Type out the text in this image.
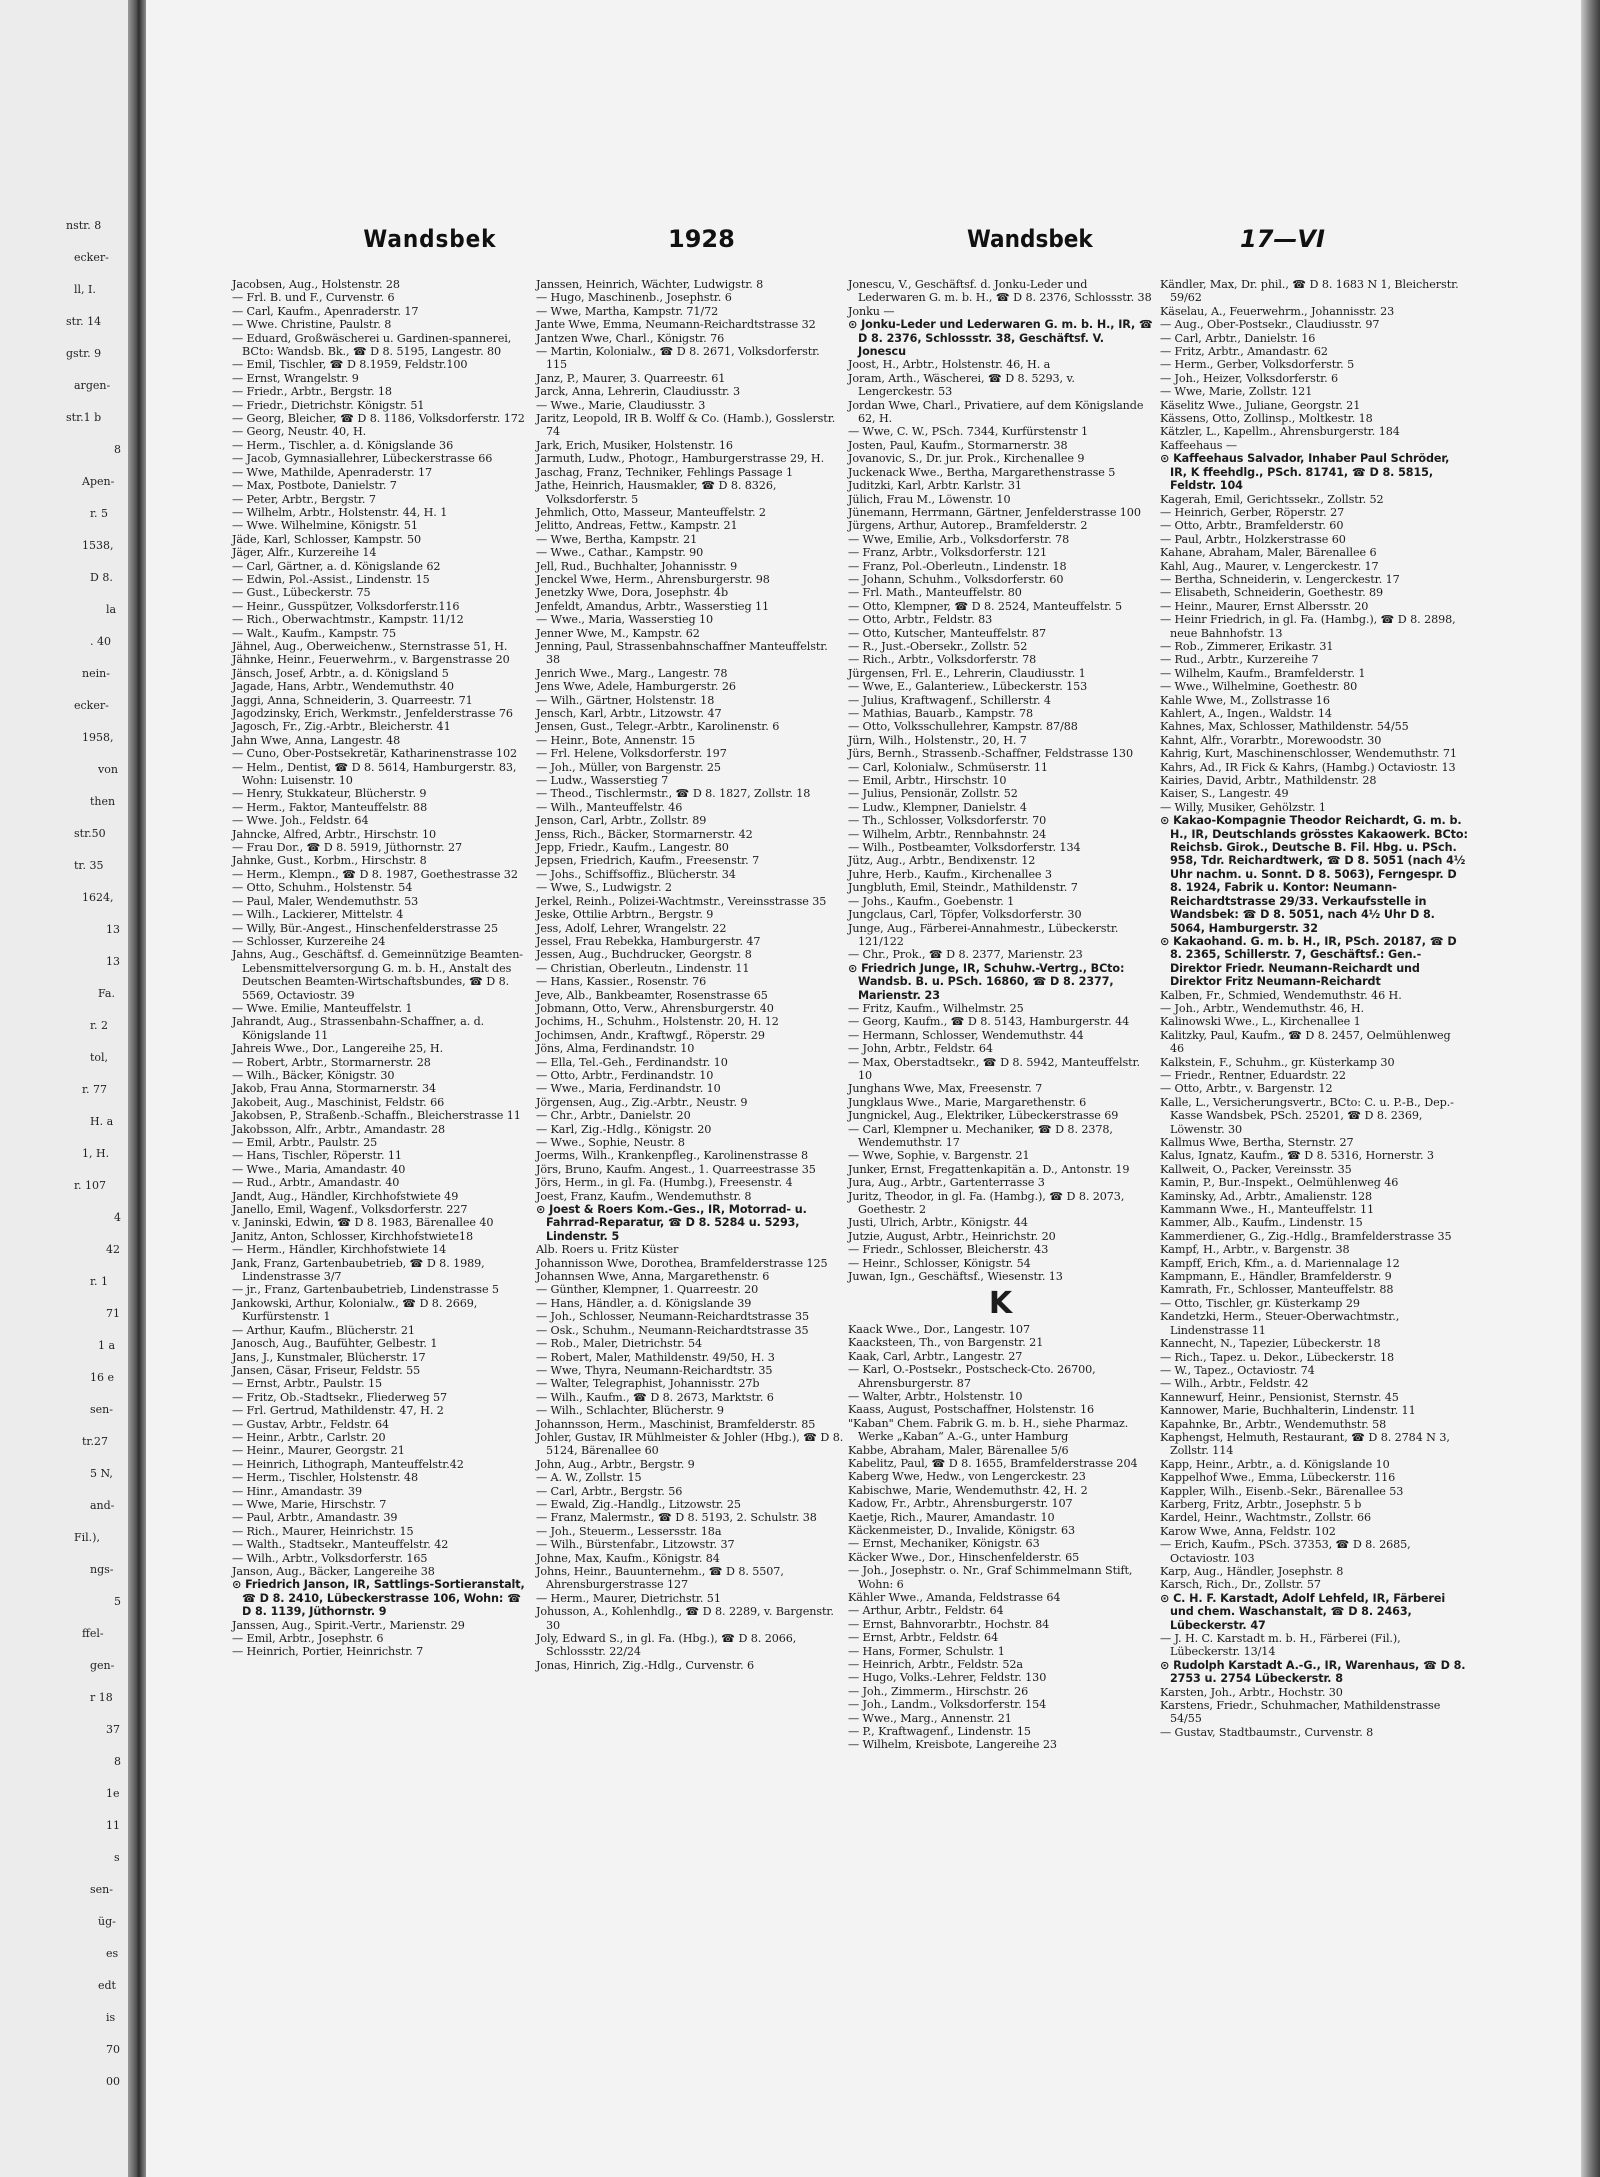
nstr. 8
ecker-
ll, I.
str. 14
gstr. 9
argen-
str.1 b
8
Apen-
r. 5
1538,
D 8.
la
. 40
nein-
ecker-
1958,
von
then
str.50
tr. 35
1624,
13
13
Fa.
r. 2
tol,
r. 77
H. a
1, H.
r. 107
4
42
r. 1
71
1 a
16 e
sen-
tr.27
5 N,
and-
Fil.),
ngs-
5
ffel-
gen-
r 18
37
8
1e
11
s
sen-
üg-
es
edt
is
70
00
Wandsbek	1928	Wandsbek	17—VI

Jacobsen, Aug., Holstenstr. 28

— Frl. B. und F., Curvenstr. 6

— Carl, Kaufm., Apenraderstr. 17

— Wwe. Christine, Paulstr. 8

— Eduard, Großwäscherei u. Gardinen-spannerei, BCto: Wandsb. Bk., ☎ D 8. 5195, Langestr. 80

— Emil, Tischler, ☎ D 8.1959, Feldstr.100

— Ernst, Wrangelstr. 9

— Friedr., Arbtr., Bergstr. 18

— Friedr., Dietrichstr. Königstr. 51

— Georg, Bleicher, ☎ D 8. 1186, Volksdorferstr. 172

— Georg, Neustr. 40, H.

— Herm., Tischler, a. d. Königslande 36

— Jacob, Gymnasiallehrer, Lübeckerstrasse 66

— Wwe, Mathilde, Apenraderstr. 17

— Max, Postbote, Danielstr. 7

— Peter, Arbtr., Bergstr. 7

— Wilhelm, Arbtr., Holstenstr. 44, H. 1

— Wwe. Wilhelmine, Königstr. 51

Jäde, Karl, Schlosser, Kampstr. 50

Jäger, Alfr., Kurzereihe 14

— Carl, Gärtner, a. d. Königslande 62

— Edwin, Pol.-Assist., Lindenstr. 15

— Gust., Lübeckerstr. 75

— Heinr., Gusspützer, Volksdorferstr.116

— Rich., Oberwachtmstr., Kampstr. 11/12

— Walt., Kaufm., Kampstr. 75

Jähnel, Aug., Oberweichenw., Sternstrasse 51, H.

Jähnke, Heinr., Feuerwehrm., v. Bargenstrasse 20

Jänsch, Josef, Arbtr., a. d. Königsland 5

Jagade, Hans, Arbtr., Wendemuthstr. 40

Jaggi, Anna, Schneiderin, 3. Quarreestr. 71

Jagodzinsky, Erich, Werkmstr., Jenfelderstrasse 76

Jagosch, Fr., Zig.-Arbtr., Bleicherstr. 41

Jahn Wwe, Anna, Langestr. 48

— Cuno, Ober-Postsekretär, Katharinenstrasse 102

— Helm., Dentist, ☎ D 8. 5614, Hamburgerstr. 83, Wohn: Luisenstr. 10

— Henry, Stukkateur, Blücherstr. 9

— Herm., Faktor, Manteuffelstr. 88

— Wwe. Joh., Feldstr. 64

Jahncke, Alfred, Arbtr., Hirschstr. 10

— Frau Dor., ☎ D 8. 5919, Jüthornstr. 27

Jahnke, Gust., Korbm., Hirschstr. 8

— Herm., Klempn., ☎ D 8. 1987, Goethestrasse 32

— Otto, Schuhm., Holstenstr. 54

— Paul, Maler, Wendemuthstr. 53

— Wilh., Lackierer, Mittelstr. 4

— Willy, Bür.-Angest., Hinschenfelderstrasse 25

— Schlosser, Kurzereihe 24

Jahns, Aug., Geschäftsf. d. Gemeinnützige Beamten-Lebensmittelversorgung G. m. b. H., Anstalt des Deutschen Beamten-Wirtschaftsbundes, ☎ D 8. 5569, Octaviostr. 39

— Wwe. Emilie, Manteuffelstr. 1

Jahrandt, Aug., Strassenbahn-Schaffner, a. d. Königslande 11

Jahreis Wwe., Dor., Langereihe 25, H.

— Robert, Arbtr., Stormarnerstr. 28

— Wilh., Bäcker, Königstr. 30

Jakob, Frau Anna, Stormarnerstr. 34

Jakobeit, Aug., Maschinist, Feldstr. 66

Jakobsen, P., Straßenb.-Schaffn., Bleicherstrasse 11

Jakobsson, Alfr., Arbtr., Amandastr. 28

— Emil, Arbtr., Paulstr. 25

— Hans, Tischler, Röperstr. 11

— Wwe., Maria, Amandastr. 40

— Rud., Arbtr., Amandastr. 40

Jandt, Aug., Händler, Kirchhofstwiete 49

Janello, Emil, Wagenf., Volksdorferstr. 227

v. Janinski, Edwin, ☎ D 8. 1983, Bärenallee 40

Janitz, Anton, Schlosser, Kirchhofstwiete18

— Herm., Händler, Kirchhofstwiete 14

Jank, Franz, Gartenbaubetrieb, ☎ D 8. 1989, Lindenstrasse 3/7

— jr., Franz, Gartenbaubetrieb, Lindenstrasse 5

Jankowski, Arthur, Kolonialw., ☎ D 8. 2669, Kurfürstenstr. 1

— Arthur, Kaufm., Blücherstr. 21

Janosch, Aug., Baufühter, Gelbestr. 1

Jans, J., Kunstmaler, Blücherstr. 17

Jansen, Cäsar, Friseur, Feldstr. 55

— Ernst, Arbtr., Paulstr. 15

— Fritz, Ob.-Stadtsekr., Fliederweg 57

— Frl. Gertrud, Mathildenstr. 47, H. 2

— Gustav, Arbtr., Feldstr. 64

— Heinr., Arbtr., Carlstr. 20

— Heinr., Maurer, Georgstr. 21

— Heinrich, Lithograph, Manteuffelstr.42

— Herm., Tischler, Holstenstr. 48

— Hinr., Amandastr. 39

— Wwe, Marie, Hirschstr. 7

— Paul, Arbtr., Amandastr. 39

— Rich., Maurer, Heinrichstr. 15

— Walth., Stadtsekr., Manteuffelstr. 42

— Wilh., Arbtr., Volksdorferstr. 165

Janson, Aug., Bäcker, Langereihe 38

⊙ Friedrich Janson, IR, Sattlings-Sortieranstalt, ☎ D 8. 2410, Lübeckerstrasse 106, Wohn: ☎ D 8. 1139, Jüthornstr. 9

Janssen, Aug., Spirit.-Vertr., Marienstr. 29

— Emil, Arbtr., Josephstr. 6

— Heinrich, Portier, Heinrichstr. 7

Janssen, Heinrich, Wächter, Ludwigstr. 8

— Hugo, Maschinenb., Josephstr. 6

— Wwe, Martha, Kampstr. 71/72

Jante Wwe, Emma, Neumann-Reichardtstrasse 32

Jantzen Wwe, Charl., Königstr. 76

— Martin, Kolonialw., ☎ D 8. 2671, Volksdorferstr. 115

Janz, P., Maurer, 3. Quarreestr. 61

Jarck, Anna, Lehrerin, Claudiusstr. 3

— Wwe., Marie, Claudiusstr. 3

Jaritz, Leopold, IR B. Wolff & Co. (Hamb.), Gosslerstr. 74

Jark, Erich, Musiker, Holstenstr. 16

Jarmuth, Ludw., Photogr., Hamburgerstrasse 29, H.

Jaschag, Franz, Techniker, Fehlings Passage 1

Jathe, Heinrich, Hausmakler, ☎ D 8. 8326, Volksdorferstr. 5

Jehmlich, Otto, Masseur, Manteuffelstr. 2

Jelitto, Andreas, Fettw., Kampstr. 21

— Wwe, Bertha, Kampstr. 21

— Wwe., Cathar., Kampstr. 90

Jell, Rud., Buchhalter, Johannisstr. 9

Jenckel Wwe, Herm., Ahrensburgerstr. 98

Jenetzky Wwe, Dora, Josephstr. 4b

Jenfeldt, Amandus, Arbtr., Wasserstieg 11

— Wwe., Maria, Wasserstieg 10

Jenner Wwe, M., Kampstr. 62

Jenning, Paul, Strassenbahnschaffner Manteuffelstr. 38

Jenrich Wwe., Marg., Langestr. 78

Jens Wwe, Adele, Hamburgerstr. 26

— Wilh., Gärtner, Holstenstr. 18

Jensch, Karl, Arbtr., Litzowstr. 47

Jensen, Gust., Telegr.-Arbtr., Karolinenstr. 6

— Heinr., Bote, Annenstr. 15

— Frl. Helene, Volksdorferstr. 197

— Joh., Müller, von Bargenstr. 25

— Ludw., Wasserstieg 7

— Theod., Tischlermstr., ☎ D 8. 1827, Zollstr. 18

— Wilh., Manteuffelstr. 46

Jenson, Carl, Arbtr., Zollstr. 89

Jenss, Rich., Bäcker, Stormarnerstr. 42

Jepp, Friedr., Kaufm., Langestr. 80

Jepsen, Friedrich, Kaufm., Freesenstr. 7

— Johs., Schiffsoffiz., Blücherstr. 34

— Wwe, S., Ludwigstr. 2

Jerkel, Reinh., Polizei-Wachtmstr., Vereinsstrasse 35

Jeske, Ottilie Arbtrn., Bergstr. 9

Jess, Adolf, Lehrer, Wrangelstr. 22

Jessel, Frau Rebekka, Hamburgerstr. 47

Jessen, Aug., Buchdrucker, Georgstr. 8

— Christian, Oberleutn., Lindenstr. 11

— Hans, Kassier., Rosenstr. 76

Jeve, Alb., Bankbeamter, Rosenstrasse 65

Jobmann, Otto, Verw., Ahrensburgerstr. 40

Jochims, H., Schuhm., Holstenstr. 20, H. 12

Jochimsen, Andr., Kraftwgf., Röperstr. 29

Jöns, Alma, Ferdinandstr. 10

— Ella, Tel.-Geh., Ferdinandstr. 10

— Otto, Arbtr., Ferdinandstr. 10

— Wwe., Maria, Ferdinandstr. 10

Jörgensen, Aug., Zig.-Arbtr., Neustr. 9

— Chr., Arbtr., Danielstr. 20

— Karl, Zig.-Hdlg., Königstr. 20

— Wwe., Sophie, Neustr. 8

Joerms, Wilh., Krankenpfleg., Karolinenstrasse 8

Jörs, Bruno, Kaufm. Angest., 1. Quarreestrasse 35

Jörs, Herm., in gl. Fa. (Humbg.), Freesenstr. 4

Joest, Franz, Kaufm., Wendemuthstr. 8

⊙ Joest & Roers Kom.-Ges., IR, Motorrad- u. Fahrrad-Reparatur, ☎ D 8. 5284 u. 5293, Lindenstr. 5

Alb. Roers u. Fritz Küster

Johannisson Wwe, Dorothea, Bramfelderstrasse 125

Johannsen Wwe, Anna, Margarethenstr. 6

— Günther, Klempner, 1. Quarreestr. 20

— Hans, Händler, a. d. Königslande 39

— Joh., Schlosser, Neumann-Reichardtstrasse 35

— Osk., Schuhm., Neumann-Reichardtstrasse 35

— Rob., Maler, Dietrichstr. 54

— Robert, Maler, Mathildenstr. 49/50, H. 3

— Wwe, Thyra, Neumann-Reichardtstr. 35

— Walter, Telegraphist, Johannisstr. 27b

— Wilh., Kaufm., ☎ D 8. 2673, Marktstr. 6

— Wilh., Schlachter, Blücherstr. 9

Johannsson, Herm., Maschinist, Bramfelderstr. 85

Johler, Gustav, IR Mühlmeister & Johler (Hbg.), ☎ D 8. 5124, Bärenallee 60

John, Aug., Arbtr., Bergstr. 9

— A. W., Zollstr. 15

— Carl, Arbtr., Bergstr. 56

— Ewald, Zig.-Handlg., Litzowstr. 25

— Franz, Malermstr., ☎ D 8. 5193, 2. Schulstr. 38

— Joh., Steuerm., Lessersstr. 18a

— Wilh., Bürstenfabr., Litzowstr. 37

Johne, Max, Kaufm., Königstr. 84

Johns, Heinr., Bauunternehm., ☎ D 8. 5507, Ahrensburgerstrasse 127

— Herm., Maurer, Dietrichstr. 51

Johusson, A., Kohlenhdlg., ☎ D 8. 2289, v. Bargenstr. 30

Joly, Edward S., in gl. Fa. (Hbg.), ☎ D 8. 2066, Schlossstr. 22/24

Jonas, Hinrich, Zig.-Hdlg., Curvenstr. 6

Jonescu, V., Geschäftsf. d. Jonku-Leder und Lederwaren G. m. b. H., ☎ D 8. 2376, Schlossstr. 38

Jonku —

⊙ Jonku-Leder und Lederwaren G. m. b. H., IR, ☎ D 8. 2376, Schlossstr. 38, Geschäftsf. V. Jonescu

Joost, H., Arbtr., Holstenstr. 46, H. a

Joram, Arth., Wäscherei, ☎ D 8. 5293, v. Lengerckestr. 53

Jordan Wwe, Charl., Privatiere, auf dem Königslande 62, H.

— Wwe, C. W., PSch. 7344, Kurfürstenstr 1

Josten, Paul, Kaufm., Stormarnerstr. 38

Jovanovic, S., Dr. jur. Prok., Kirchenallee 9

Juckenack Wwe., Bertha, Margarethenstrasse 5

Juditzki, Karl, Arbtr. Karlstr. 31

Jülich, Frau M., Löwenstr. 10

Jünemann, Herrmann, Gärtner, Jenfelderstrasse 100

Jürgens, Arthur, Autorep., Bramfelderstr. 2

— Wwe, Emilie, Arb., Volksdorferstr. 78

— Franz, Arbtr., Volksdorferstr. 121

— Franz, Pol.-Oberleutn., Lindenstr. 18

— Johann, Schuhm., Volksdorferstr. 60

— Frl. Math., Manteuffelstr. 80

— Otto, Klempner, ☎ D 8. 2524, Manteuffelstr. 5

— Otto, Arbtr., Feldstr. 83

— Otto, Kutscher, Manteuffelstr. 87

— R., Just.-Obersekr., Zollstr. 52

— Rich., Arbtr., Volksdorferstr. 78

Jürgensen, Frl. E., Lehrerin, Claudiusstr. 1

— Wwe, E., Galanteriew., Lübeckerstr. 153

— Julius, Kraftwagenf., Schillerstr. 4

— Mathias, Bauarb., Kampstr. 78

— Otto, Volksschullehrer, Kampstr. 87/88

Jürn, Wilh., Holstenstr., 20, H. 7

Jürs, Bernh., Strassenb.-Schaffner, Feldstrasse 130

— Carl, Kolonialw., Schmüserstr. 11

— Emil, Arbtr., Hirschstr. 10

— Julius, Pensionär, Zollstr. 52

— Ludw., Klempner, Danielstr. 4

— Th., Schlosser, Volksdorferstr. 70

— Wilhelm, Arbtr., Rennbahnstr. 24

— Wilh., Postbeamter, Volksdorferstr. 134

Jütz, Aug., Arbtr., Bendixenstr. 12

Juhre, Herb., Kaufm., Kirchenallee 3

Jungbluth, Emil, Steindr., Mathildenstr. 7

— Johs., Kaufm., Goebenstr. 1

Jungclaus, Carl, Töpfer, Volksdorferstr. 30

Junge, Aug., Färberei-Annahmestr., Lübeckerstr. 121/122

— Chr., Prok., ☎ D 8. 2377, Marienstr. 23

⊙ Friedrich Junge, IR, Schuhw.-Vertrg., BCto: Wandsb. B. u. PSch. 16860, ☎ D 8. 2377, Marienstr. 23

— Fritz, Kaufm., Wilhelmstr. 25

— Georg, Kaufm., ☎ D 8. 5143, Hamburgerstr. 44

— Hermann, Schlosser, Wendemuthstr. 44

— John, Arbtr., Feldstr. 64

— Max, Oberstadtsekr., ☎ D 8. 5942, Manteuffelstr. 10

Junghans Wwe, Max, Freesenstr. 7

Jungklaus Wwe., Marie, Margarethenstr. 6

Jungnickel, Aug., Elektriker, Lübeckerstrasse 69

— Carl, Klempner u. Mechaniker, ☎ D 8. 2378, Wendemuthstr. 17

— Wwe, Sophie, v. Bargenstr. 21

Junker, Ernst, Fregattenkapitän a. D., Antonstr. 19

Jura, Aug., Arbtr., Gartenterrasse 3

Juritz, Theodor, in gl. Fa. (Hambg.), ☎ D 8. 2073, Goethestr. 2

Justi, Ulrich, Arbtr., Königstr. 44

Jutzie, August, Arbtr., Heinrichstr. 20

— Friedr., Schlosser, Bleicherstr. 43

— Heinr., Schlosser, Königstr. 54

Juwan, Ign., Geschäftsf., Wiesenstr. 13

K

Kaack Wwe., Dor., Langestr. 107

Kaacksteen, Th., von Bargenstr. 21

Kaak, Carl, Arbtr., Langestr. 27

— Karl, O.-Postsekr., Postscheck-Cto. 26700, Ahrensburgerstr. 87

— Walter, Arbtr., Holstenstr. 10

Kaass, August, Postschaffner, Holstenstr. 16

"Kaban" Chem. Fabrik G. m. b. H., siehe Pharmaz. Werke „Kaban“ A.-G., unter Hamburg

Kabbe, Abraham, Maler, Bärenallee 5/6

Kabelitz, Paul, ☎ D 8. 1655, Bramfelderstrasse 204

Kaberg Wwe, Hedw., von Lengerckestr. 23

Kabischwe, Marie, Wendemuthstr. 42, H. 2

Kadow, Fr., Arbtr., Ahrensburgerstr. 107

Kaetje, Rich., Maurer, Amandastr. 10

Käckenmeister, D., Invalide, Königstr. 63

— Ernst, Mechaniker, Königstr. 63

Käcker Wwe., Dor., Hinschenfelderstr. 65

— Joh., Josephstr. o. Nr., Graf Schimmelmann Stift, Wohn: 6

Kähler Wwe., Amanda, Feldstrasse 64

— Arthur, Arbtr., Feldstr. 64

— Ernst, Bahnvorarbtr., Hochstr. 84

— Ernst, Arbtr., Feldstr. 64

— Hans, Former, Schulstr. 1

— Heinrich, Arbtr., Feldstr. 52a

— Hugo, Volks.-Lehrer, Feldstr. 130

— Joh., Zimmerm., Hirschstr. 26

— Joh., Landm., Volksdorferstr. 154

— Wwe., Marg., Annenstr. 21

— P., Kraftwagenf., Lindenstr. 15

— Wilhelm, Kreisbote, Langereihe 23

Kändler, Max, Dr. phil., ☎ D 8. 1683 N 1, Bleicherstr. 59/62

Käselau, A., Feuerwehrm., Johannisstr. 23

— Aug., Ober-Postsekr., Claudiusstr. 97

— Carl, Arbtr., Danielstr. 16

— Fritz, Arbtr., Amandastr. 62

— Herm., Gerber, Volksdorferstr. 5

— Joh., Heizer, Volksdorferstr. 6

— Wwe, Marie, Zollstr. 121

Käselitz Wwe., Juliane, Georgstr. 21

Kässens, Otto, Zollinsp., Moltkestr. 18

Kätzler, L., Kapellm., Ahrensburgerstr. 184

Kaffeehaus —

⊙ Kaffeehaus Salvador, Inhaber Paul Schröder, IR, K ffeehdlg., PSch. 81741, ☎ D 8. 5815, Feldstr. 104

Kagerah, Emil, Gerichtssekr., Zollstr. 52

— Heinrich, Gerber, Röperstr. 27

— Otto, Arbtr., Bramfelderstr. 60

— Paul, Arbtr., Holzkerstrasse 60

Kahane, Abraham, Maler, Bärenallee 6

Kahl, Aug., Maurer, v. Lengerckestr. 17

— Bertha, Schneiderin, v. Lengerckestr. 17

— Elisabeth, Schneiderin, Goethestr. 89

— Heinr., Maurer, Ernst Albersstr. 20

— Heinr Friedrich, in gl. Fa. (Hambg.), ☎ D 8. 2898, neue Bahnhofstr. 13

— Rob., Zimmerer, Erikastr. 31

— Rud., Arbtr., Kurzereihe 7

— Wilhelm, Kaufm., Bramfelderstr. 1

— Wwe., Wilhelmine, Goethestr. 80

Kahle Wwe, M., Zollstrasse 16

Kahlert, A., Ingen., Waldstr. 14

Kahnes, Max, Schlosser, Mathildenstr. 54/55

Kahnt, Alfr., Vorarbtr., Morewoodstr. 30

Kahrig, Kurt, Maschinenschlosser, Wendemuthstr. 71

Kahrs, Ad., IR Fick & Kahrs, (Hambg.) Octaviostr. 13

Kairies, David, Arbtr., Mathildenstr. 28

Kaiser, S., Langestr. 49

— Willy, Musiker, Gehölzstr. 1

⊙ Kakao-Kompagnie Theodor Reichardt, G. m. b. H., IR, Deutschlands grösstes Kakaowerk. BCto: Reichsb. Girok., Deutsche B. Fil. Hbg. u. PSch. 958, Tdr. Reichardtwerk, ☎ D 8. 5051 (nach 4½ Uhr nachm. u. Sonnt. D 8. 5063), Ferngespr. D 8. 1924, Fabrik u. Kontor: Neumann-Reichardtstrasse 29/33. Verkaufsstelle in Wandsbek: ☎ D 8. 5051, nach 4½ Uhr D 8. 5064, Hamburgerstr. 32

⊙ Kakaohand. G. m. b. H., IR, PSch. 20187, ☎ D 8. 2365, Schillerstr. 7, Geschäftsf.: Gen.-Direktor Friedr. Neumann-Reichardt und Direktor Fritz Neumann-Reichardt

Kalben, Fr., Schmied, Wendemuthstr. 46 H.

— Joh., Arbtr., Wendemuthstr. 46, H.

Kalinowski Wwe., L., Kirchenallee 1

Kalitzky, Paul, Kaufm., ☎ D 8. 2457, Oelmühlenweg 46

Kalkstein, F., Schuhm., gr. Küsterkamp 30

— Friedr., Rentner, Eduardstr. 22

— Otto, Arbtr., v. Bargenstr. 12

Kalle, L., Versicherungsvertr., BCto: C. u. P.-B., Dep.-Kasse Wandsbek, PSch. 25201, ☎ D 8. 2369, Löwenstr. 30

Kallmus Wwe, Bertha, Sternstr. 27

Kalus, Ignatz, Kaufm., ☎ D 8. 5316, Hornerstr. 3

Kallweit, O., Packer, Vereinsstr. 35

Kamin, P., Bur.-Inspekt., Oelmühlenweg 46

Kaminsky, Ad., Arbtr., Amalienstr. 128

Kammann Wwe., H., Manteuffelstr. 11

Kammer, Alb., Kaufm., Lindenstr. 15

Kammerdiener, G., Zig.-Hdlg., Bramfelderstrasse 35

Kampf, H., Arbtr., v. Bargenstr. 38

Kampff, Erich, Kfm., a. d. Mariennalage 12

Kampmann, E., Händler, Bramfelderstr. 9

Kamrath, Fr., Schlosser, Manteuffelstr. 88

— Otto, Tischler, gr. Küsterkamp 29

Kandetzki, Herm., Steuer-Oberwachtmstr., Lindenstrasse 11

Kannecht, N., Tapezier, Lübeckerstr. 18

— Rich., Tapez. u. Dekor., Lübeckerstr. 18

— W., Tapez., Octaviostr. 74

— Wilh., Arbtr., Feldstr. 42

Kannewurf, Heinr., Pensionist, Sternstr. 45

Kannower, Marie, Buchhalterin, Lindenstr. 11

Kapahnke, Br., Arbtr., Wendemuthstr. 58

Kaphengst, Helmuth, Restaurant, ☎ D 8. 2784 N 3, Zollstr. 114

Kapp, Heinr., Arbtr., a. d. Königslande 10

Kappelhof Wwe., Emma, Lübeckerstr. 116

Kappler, Wilh., Eisenb.-Sekr., Bärenallee 53

Karberg, Fritz, Arbtr., Josephstr. 5 b

Kardel, Heinr., Wachtmstr., Zollstr. 66

Karow Wwe, Anna, Feldstr. 102

— Erich, Kaufm., PSch. 37353, ☎ D 8. 2685, Octaviostr. 103

Karp, Aug., Händler, Josephstr. 8

Karsch, Rich., Dr., Zollstr. 57

⊙ C. H. F. Karstadt, Adolf Lehfeld, IR, Färberei und chem. Waschanstalt, ☎ D 8. 2463, Lübeckerstr. 47

— J. H. C. Karstadt m. b. H., Färberei (Fil.), Lübeckerstr. 13/14

⊙ Rudolph Karstadt A.-G., IR, Warenhaus, ☎ D 8. 2753 u. 2754 Lübeckerstr. 8

Karsten, Joh., Arbtr., Hochstr. 30

Karstens, Friedr., Schuhmacher, Mathildenstrasse 54/55

— Gustav, Stadtbaumstr., Curvenstr. 8
